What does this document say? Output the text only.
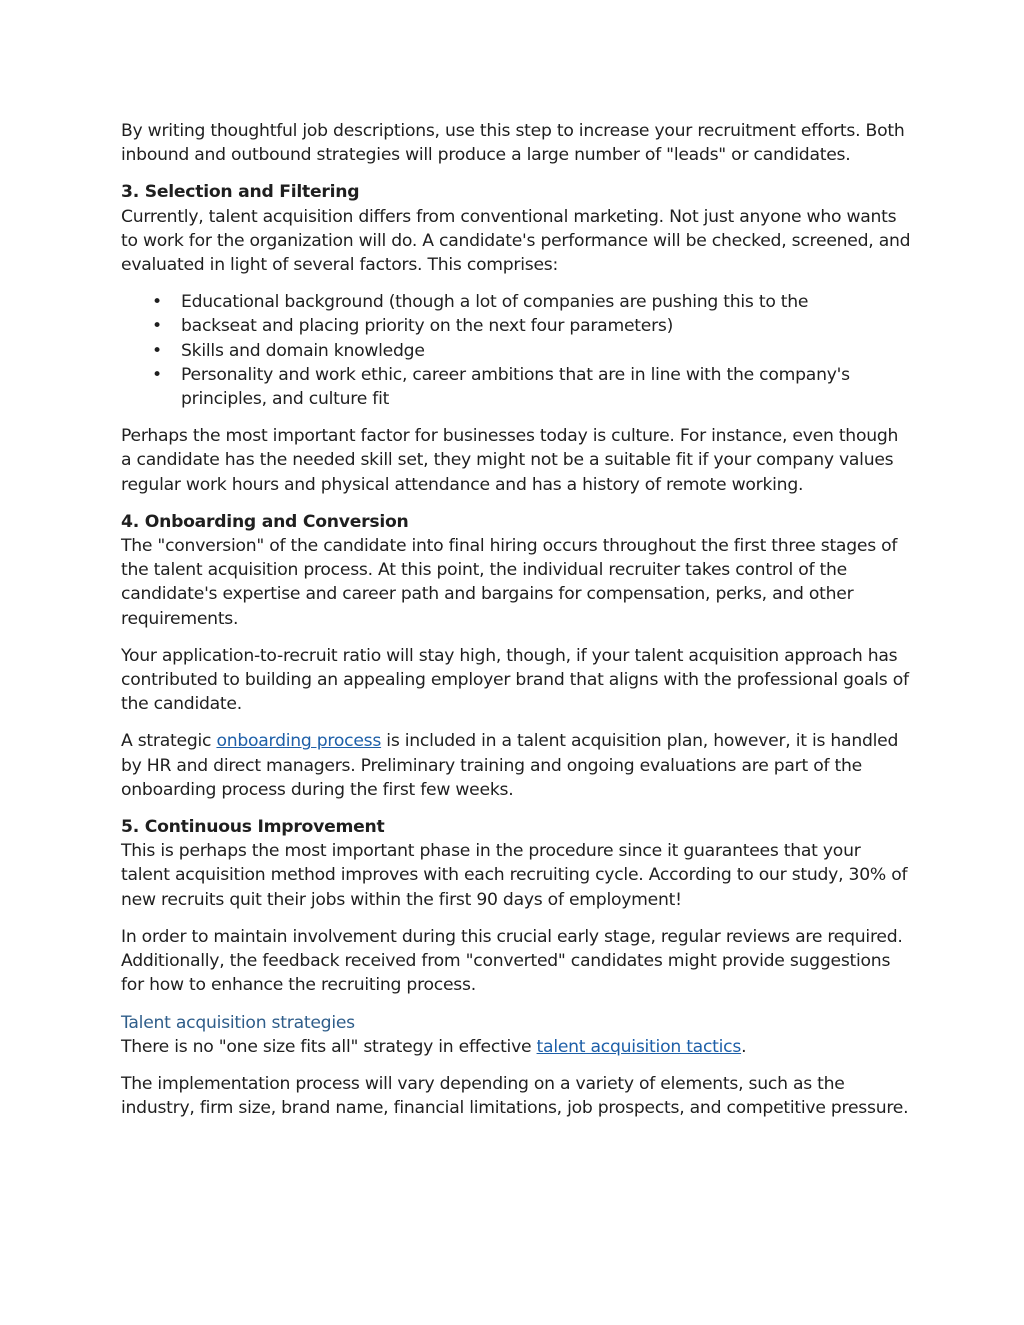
By writing thoughtful job descriptions, use this step to increase your recruitment efforts. Both inbound and outbound strategies will produce a large number of "leads" or candidates.

3. Selection and Filtering
Currently, talent acquisition differs from conventional marketing. Not just anyone who wants to work for the organization will do. A candidate's performance will be checked, screened, and evaluated in light of several factors. This comprises:

• Educational background (though a lot of companies are pushing this to the
• backseat and placing priority on the next four parameters)
• Skills and domain knowledge
• Personality and work ethic, career ambitions that are in line with the company's principles, and culture fit

Perhaps the most important factor for businesses today is culture. For instance, even though a candidate has the needed skill set, they might not be a suitable fit if your company values regular work hours and physical attendance and has a history of remote working.

4. Onboarding and Conversion
The "conversion" of the candidate into final hiring occurs throughout the first three stages of the talent acquisition process. At this point, the individual recruiter takes control of the candidate's expertise and career path and bargains for compensation, perks, and other requirements.

Your application-to-recruit ratio will stay high, though, if your talent acquisition approach has contributed to building an appealing employer brand that aligns with the professional goals of the candidate.

A strategic onboarding process is included in a talent acquisition plan, however, it is handled by HR and direct managers. Preliminary training and ongoing evaluations are part of the onboarding process during the first few weeks.

5. Continuous Improvement
This is perhaps the most important phase in the procedure since it guarantees that your talent acquisition method improves with each recruiting cycle. According to our study, 30% of new recruits quit their jobs within the first 90 days of employment!

In order to maintain involvement during this crucial early stage, regular reviews are required. Additionally, the feedback received from "converted" candidates might provide suggestions for how to enhance the recruiting process.

Talent acquisition strategies
There is no "one size fits all" strategy in effective talent acquisition tactics.

The implementation process will vary depending on a variety of elements, such as the industry, firm size, brand name, financial limitations, job prospects, and competitive pressure.
